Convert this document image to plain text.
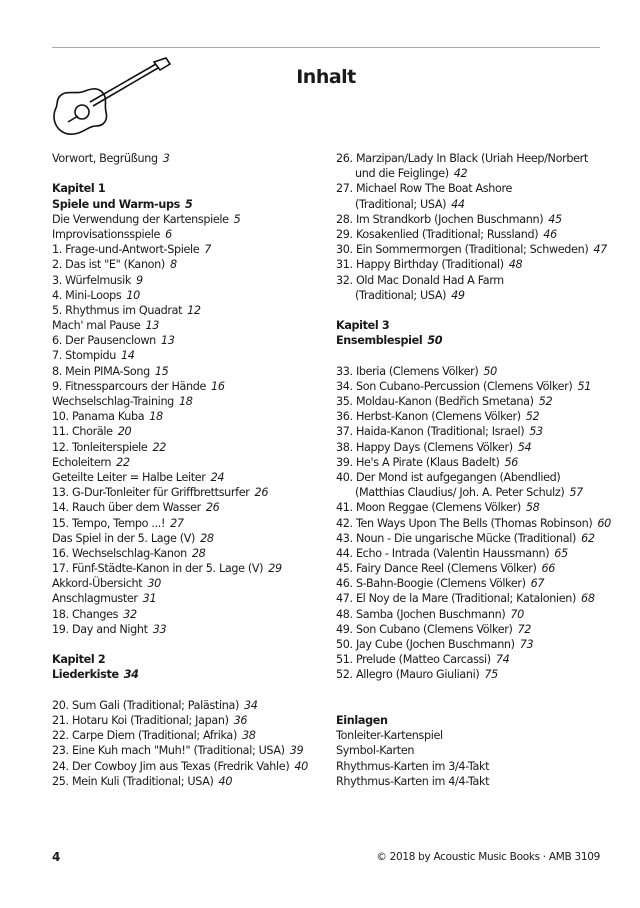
Inhalt
Vorwort, Begrüßung 3
Kapitel 1
Spiele und Warm-ups 5
Die Verwendung der Kartenspiele 5
Improvisationsspiele 6
1. Frage-und-Antwort-Spiele 7
2. Das ist "E" (Kanon) 8
3. Würfelmusik 9
4. Mini-Loops 10
5. Rhythmus im Quadrat 12
Mach' mal Pause 13
6. Der Pausenclown 13
7. Stompidu 14
8. Mein PIMA-Song 15
9. Fitnessparcours der Hände 16
Wechselschlag-Training 18
10. Panama Kuba 18
11. Choräle 20
12. Tonleiterspiele 22
Echoleitern 22
Geteilte Leiter = Halbe Leiter 24
13. G-Dur-Tonleiter für Griffbrettsurfer 26
14. Rauch über dem Wasser 26
15. Tempo, Tempo ...! 27
Das Spiel in der 5. Lage (V) 28
16. Wechselschlag-Kanon 28
17. Fünf-Städte-Kanon in der 5. Lage (V) 29
Akkord-Übersicht 30
Anschlagmuster 31
18. Changes 32
19. Day and Night 33
Kapitel 2
Liederkiste 34
20. Sum Gali (Traditional; Palästina) 34
21. Hotaru Koi (Traditional; Japan) 36
22. Carpe Diem (Traditional; Afrika) 38
23. Eine Kuh mach "Muh!" (Traditional; USA) 39
24. Der Cowboy Jim aus Texas (Fredrik Vahle) 40
25. Mein Kuli (Traditional; USA) 40
26. Marzipan/Lady In Black (Uriah Heep/Norbert
und die Feiglinge) 42
27. Michael Row The Boat Ashore
(Traditional; USA) 44
28. Im Strandkorb (Jochen Buschmann) 45
29. Kosakenlied (Traditional; Russland) 46
30. Ein Sommermorgen (Traditional; Schweden) 47
31. Happy Birthday (Traditional) 48
32. Old Mac Donald Had A Farm
(Traditional; USA) 49
Kapitel 3
Ensemblespiel 50
33. Iberia (Clemens Völker) 50
34. Son Cubano-Percussion (Clemens Völker) 51
35. Moldau-Kanon (Bedřich Smetana) 52
36. Herbst-Kanon (Clemens Völker) 52
37. Haida-Kanon (Traditional; Israel) 53
38. Happy Days (Clemens Völker) 54
39. He's A Pirate (Klaus Badelt) 56
40. Der Mond ist aufgegangen (Abendlied)
(Matthias Claudius/ Joh. A. Peter Schulz) 57
41. Moon Reggae (Clemens Völker) 58
42. Ten Ways Upon The Bells (Thomas Robinson) 60
43. Noun - Die ungarische Mücke (Traditional) 62
44. Echo - Intrada (Valentin Haussmann) 65
45. Fairy Dance Reel (Clemens Völker) 66
46. S-Bahn-Boogie (Clemens Völker) 67
47. El Noy de la Mare (Traditional; Katalonien) 68
48. Samba (Jochen Buschmann) 70
49. Son Cubano (Clemens Völker) 72
50. Jay Cube (Jochen Buschmann) 73
51. Prelude (Matteo Carcassi) 74
52. Allegro (Mauro Giuliani) 75
Einlagen
Tonleiter-Kartenspiel
Symbol-Karten
Rhythmus-Karten im 3/4-Takt
Rhythmus-Karten im 4/4-Takt
4	© 2018 by Acoustic Music Books · AMB 3109
